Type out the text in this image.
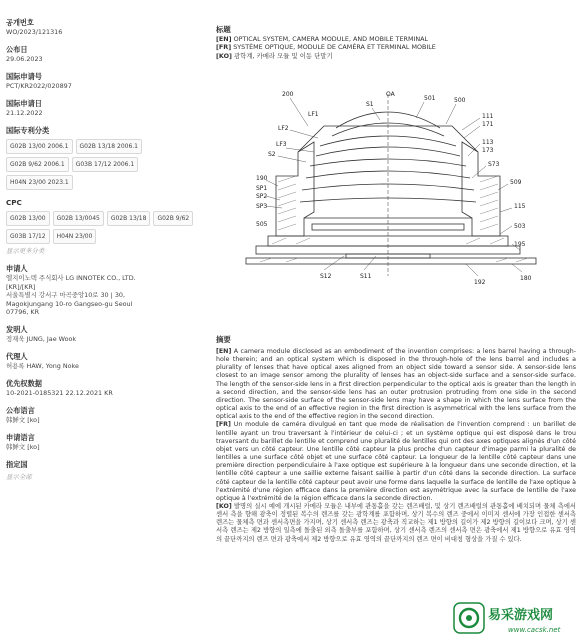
공개번호
WO/2023/121316
公布日
29.06.2023
国际申请号
PCT/KR2022/020897
国际申请日
21.12.2022
国际专利分类
G02B 13/00 2006.1	G02B 13/18 2006.1
G02B 9/62 2006.1	G03B 17/12 2006.1
H04N 23/00 2023.1
CPC
G02B 13/00	G02B 13/0045	G02B 13/18	G02B 9/62
G03B 17/12	H04N 23/00
显示更多分类
申请人
엘지이노텍 주식회사 LG INNOTEK CO., LTD.
[KR]/[KR]
서울특별시 강서구 마곡중앙10로 30 | 30,
Magokjungang 10-ro Gangseo-gu Seoul
07796, KR
发明人
정재욱 JUNG, Jae Wook
代理人
허용록 HAW, Yong Noke
优先权数据
10-2021-0185321 22.12.2021 KR
公布语言
韩鲜文 [ko]
申请语言
韩鲜文 [ko]
指定国
显示全部
标题
[EN] OPTICAL SYSTEM, CAMERA MODULE, AND MOBILE TERMINAL
[FR] SYSTÈME OPTIQUE, MODULE DE CAMÉRA ET TERMINAL MOBILE
[KO] 광학계, 카메라 모듈 및 이동 단말기
200	OA
S1
501	500
LF1
LF2
LF3
111
171
113
173
S2
S73
509
190
SP1
SP2
SP3	115
503
195
505
S12	S11
192
180
摘要

[EN] A camera module disclosed as an embodiment of the invention comprises: a lens barrel having a through-hole therein; and an optical system which is disposed in the through-hole of the lens barrel and includes a plurality of lenses that have optical axes aligned from an object side toward a sensor side. A sensor-side lens closest to an image sensor among the plurality of lenses has an object-side surface and a sensor-side surface. The length of the sensor-side lens in a first direction perpendicular to the optical axis is greater than the length in a second direction, and the sensor-side lens has an outer protrusion protruding from one side in the second direction. The sensor-side surface of the sensor-side lens may have a shape in which the lens surface from the optical axis to the end of an effective region in the first direction is asymmetrical with the lens surface from the optical axis to the end of the effective region in the second direction.

[FR] Un module de caméra divulgué en tant que mode de réalisation de l'invention comprend : un barillet de lentille ayant un trou traversant à l'intérieur de celui-ci ; et un système optique qui est disposé dans le trou traversant du barillet de lentille et comprend une pluralité de lentilles qui ont des axes optiques alignés d'un côté objet vers un côté capteur. Une lentille côté capteur la plus proche d'un capteur d'image parmi la pluralité de lentilles a une surface côté objet et une surface côté capteur. La longueur de la lentille côté capteur dans une première direction perpendiculaire à l'axe optique est supérieure à la longueur dans une seconde direction, et la lentille côté capteur a une saillie externe faisant saillie à partir d'un côté dans la seconde direction. La surface côté capteur de la lentille côté capteur peut avoir une forme dans laquelle la surface de lentille de l'axe optique à l'extrémité d'une région efficace dans la première direction est asymétrique avec la surface de lentille de l'axe optique à l'extrémité de la région efficace dans la seconde direction.

[KO] 발명의 실시 예에 개시된 카메라 모듈은 내부에 관통홀을 갖는 렌즈배럴, 및 상기 렌즈배럴의 관통홀에 배치되며 물체 측에서 센서 측을 향해 광축이 정렬된 복수의 렌즈를 갖는 광학계를 포함하며, 상기 복수의 렌즈 중에서 이미지 센서에 가장 인접한 센서측 렌즈는 물체측 면과 센서측면을 가지며, 상기 센서측 렌즈는 광축과 직교하는 제1 방향의 길이가 제2 방향의 길이보다 크며, 상기 센서측 렌즈는 제2 방향의 일측에 돌출된 외측 돌출부를 포함하며, 상기 센서측 렌즈의 센서측 면은 광축에서 제1 방향으로 유효 영역의 끝단까지의 렌즈 면과 광축에서 제2 방향으로 유효 영역의 끝단까지의 렌즈 면이 비대칭 형상을 가질 수 있다.

易采游戏网
www.cacsk.net
